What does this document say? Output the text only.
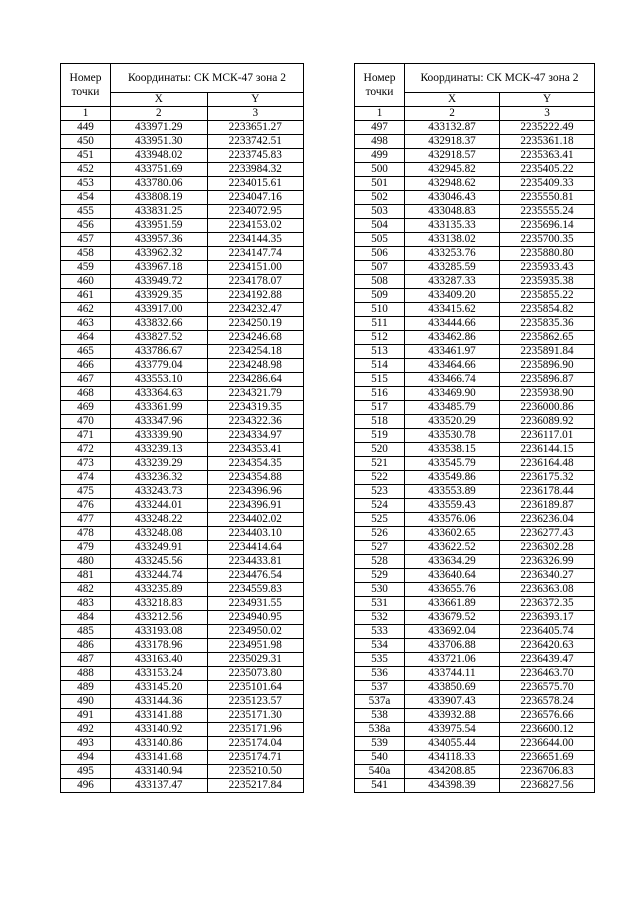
Номер
точки	Координаты: СК МСК-47 зона 2	
	X	Y
1	2	3
449	433971.29	2233651.27
450	433951.30	2233742.51
451	433948.02	2233745.83
452	433751.69	2233984.32
453	433780.06	2234015.61
454	433808.19	2234047.16
455	433831.25	2234072.95
456	433951.59	2234153.02
457	433957.36	2234144.35
458	433962.32	2234147.74
459	433967.18	2234151.00
460	433949.72	2234178.07
461	433929.35	2234192.88
462	433917.00	2234232.47
463	433832.66	2234250.19
464	433827.52	2234246.68
465	433786.67	2234254.18
466	433779.04	2234248.98
467	433553.10	2234286.64
468	433364.63	2234321.79
469	433361.99	2234319.35
470	433347.96	2234322.36
471	433339.90	2234334.97
472	433239.13	2234353.41
473	433239.29	2234354.35
474	433236.32	2234354.88
475	433243.73	2234396.96
476	433244.01	2234396.91
477	433248.22	2234402.02
478	433248.08	2234403.10
479	433249.91	2234414.64
480	433245.56	2234433.81
481	433244.74	2234476.54
482	433235.89	2234559.83
483	433218.83	2234931.55
484	433212.56	2234940.95
485	433193.08	2234950.02
486	433178.96	2234951.98
487	433163.40	2235029.31
488	433153.24	2235073.80
489	433145.20	2235101.64
490	433144.36	2235123.57
491	433141.88	2235171.30
492	433140.92	2235171.96
493	433140.86	2235174.04
494	433141.68	2235174.71
495	433140.94	2235210.50
496	433137.47	2235217.84
Номер
точки	Координаты: СК МСК-47 зона 2	
	X	Y
1	2	3
497	433132.87	2235222.49
498	432918.37	2235361.18
499	432918.57	2235363.41
500	432945.82	2235405.22
501	432948.62	2235409.33
502	433046.43	2235550.81
503	433048.83	2235555.24
504	433135.33	2235696.14
505	433138.02	2235700.35
506	433253.76	2235880.80
507	433285.59	2235933.43
508	433287.33	2235935.38
509	433409.20	2235855.22
510	433415.62	2235854.82
511	433444.66	2235835.36
512	433462.86	2235862.65
513	433461.97	2235891.84
514	433464.66	2235896.90
515	433466.74	2235896.87
516	433469.90	2235938.90
517	433485.79	2236000.86
518	433520.29	2236089.92
519	433530.78	2236117.01
520	433538.15	2236144.15
521	433545.79	2236164.48
522	433549.86	2236175.32
523	433553.89	2236178.44
524	433559.43	2236189.87
525	433576.06	2236236.04
526	433602.65	2236277.43
527	433622.52	2236302.28
528	433634.29	2236326.99
529	433640.64	2236340.27
530	433655.76	2236363.08
531	433661.89	2236372.35
532	433679.52	2236393.17
533	433692.04	2236405.74
534	433706.88	2236420.63
535	433721.06	2236439.47
536	433744.11	2236463.70
537	433850.69	2236575.70
537a	433907.43	2236578.24
538	433932.88	2236576.66
538a	433975.54	2236600.12
539	434055.44	2236644.00
540	434118.33	2236651.69
540a	434208.85	2236706.83
541	434398.39	2236827.56
